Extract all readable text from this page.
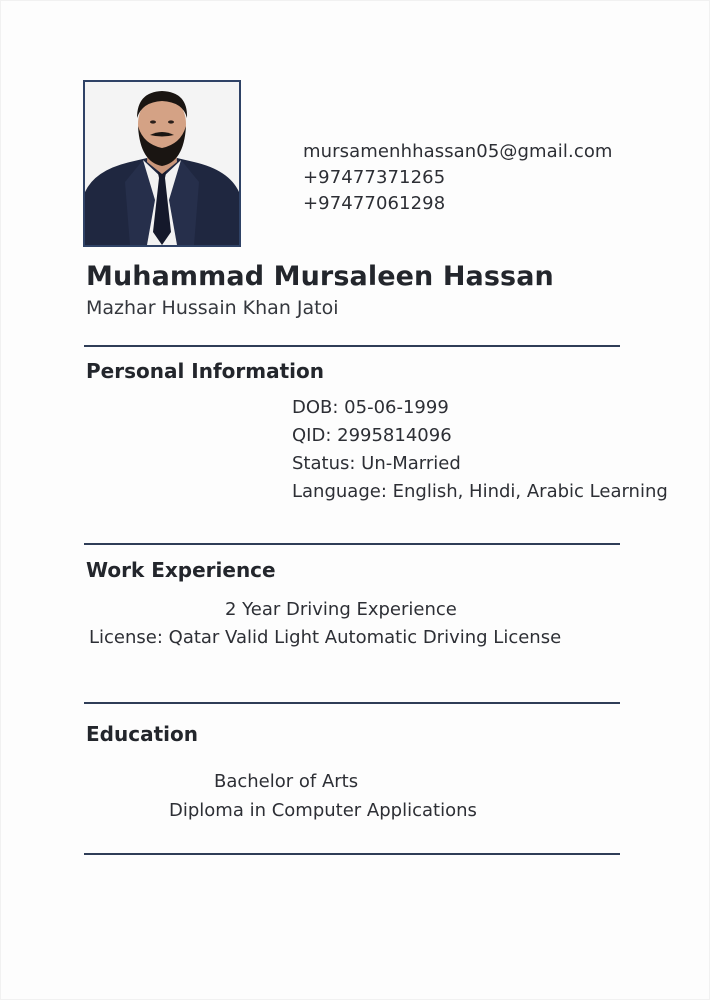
mursamenhhassan05@gmail.com
+97477371265
+97477061298
Muhammad Mursaleen Hassan
Mazhar Hussain Khan Jatoi
Personal Information
DOB: 05-06-1999
QID: 2995814096
Status: Un-Married
Language: English, Hindi, Arabic Learning
Work Experience
2 Year Driving Experience
License: Qatar Valid Light Automatic Driving License
Education
Bachelor of Arts
Diploma in Computer Applications
